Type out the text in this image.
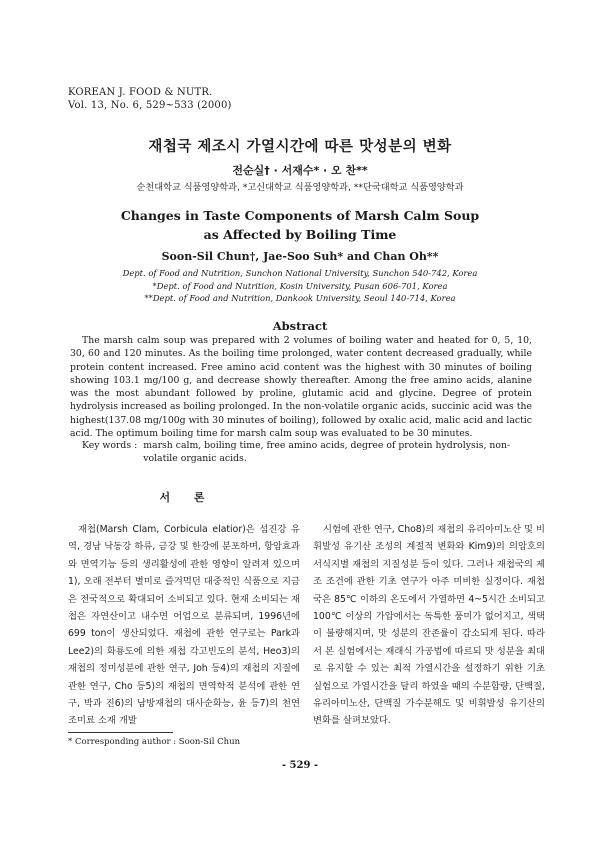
KOREAN J. FOOD & NUTR.
Vol. 13, No. 6, 529~533 (2000)
재첩국 제조시 가열시간에 따른 맛성분의 변화
전순실† · 서재수* · 오 찬**
순천대학교 식품영양학과, *고신대학교 식품영양학과, **단국대학교 식품영양학과
Changes in Taste Components of Marsh Calm Soup
as Affected by Boiling Time
Soon-Sil Chun†, Jae-Soo Suh* and Chan Oh**
Dept. of Food and Nutrition, Sunchon National University, Sunchon 540-742, Korea
*Dept. of Food and Nutrition, Kosin University, Pusan 606-701, Korea
**Dept. of Food and Nutrition, Dankook University, Seoul 140-714, Korea
Abstract

The marsh calm soup was prepared with 2 volumes of boiling water and heated for 0, 5, 10, 30, 60 and 120 minutes. As the boiling time prolonged, water content decreased gradually, while protein content increased. Free amino acid content was the highest with 30 minutes of boiling showing 103.1 mg/100 g, and decrease showly thereafter. Among the free amino acids, alanine was the most abundant followed by proline, glutamic acid and glycine. Degree of protein hydrolysis increased as boiling prolonged. In the non-volatile organic acids, succinic acid was the highest(137.08 mg/100g with 30 minutes of boiling), followed by oxalic acid, malic acid and lactic acid. The optimum boiling time for marsh calm soup was evaluated to be 30 minutes.

Key words : marsh calm, boiling time, free amino acids, degree of protein hydrolysis, non-volatile organic acids.
서 론

재첩(Marsh Clam, Corbicula elatior)은 섬진강 유역, 경남 낙동강 하류, 금강 및 한강에 분포하며, 항암효과와 면역기능 등의 생리활성에 관한 영향이 알려져 있으며1), 오래 전부터 별미로 즐겨먹던 대중적인 식품으로 지금은 전국적으로 확대되어 소비되고 있다. 현재 소비되는 재첩은 자연산이고 내수면 어업으로 분류되며, 1996년에 699 ton이 생산되었다. 재첩에 관한 연구로는 Park과 Lee2)의 화룡도에 의한 재첩 각고빈도의 분석, Heo3)의 재첩의 정미성분에 관한 연구, Joh 등4)의 재첩의 지질에 관한 연구, Cho 등5)의 재첩의 면역학적 분석에 관한 연구, 박과 진6)의 남방재첩의 대사순화능, 윤 등7)의 천연조미료 소재 개발

시험에 관한 연구, Cho8)의 재첩의 유리아미노산 및 비휘발성 유기산 조성의 계절적 변화와 Kim9)의 의암호의 서식지별 재첩의 지질성분 등이 있다. 그러나 재첩국의 제조 조건에 관한 기초 연구가 아주 미비한 실정이다. 재첩국은 85℃ 이하의 온도에서 가열하면 4~5시간 소비되고 100℃ 이상의 가압에서는 독특한 풍미가 없어지고, 색택이 불량해지며, 맛 성분의 잔존률이 감소되게 된다. 따라서 본 실험에서는 재래식 가공법에 따르되 맛 성분을 최대로 유지할 수 있는 최적 가열시간을 설정하기 위한 기초 실험으로 가열시간을 달리 하였을 때의 수분함량, 단백질, 유리아미노산, 단백질 가수분해도 및 비휘발성 유기산의 변화를 살펴보았다.

* Corresponding author : Soon-Sil Chun
- 529 -
